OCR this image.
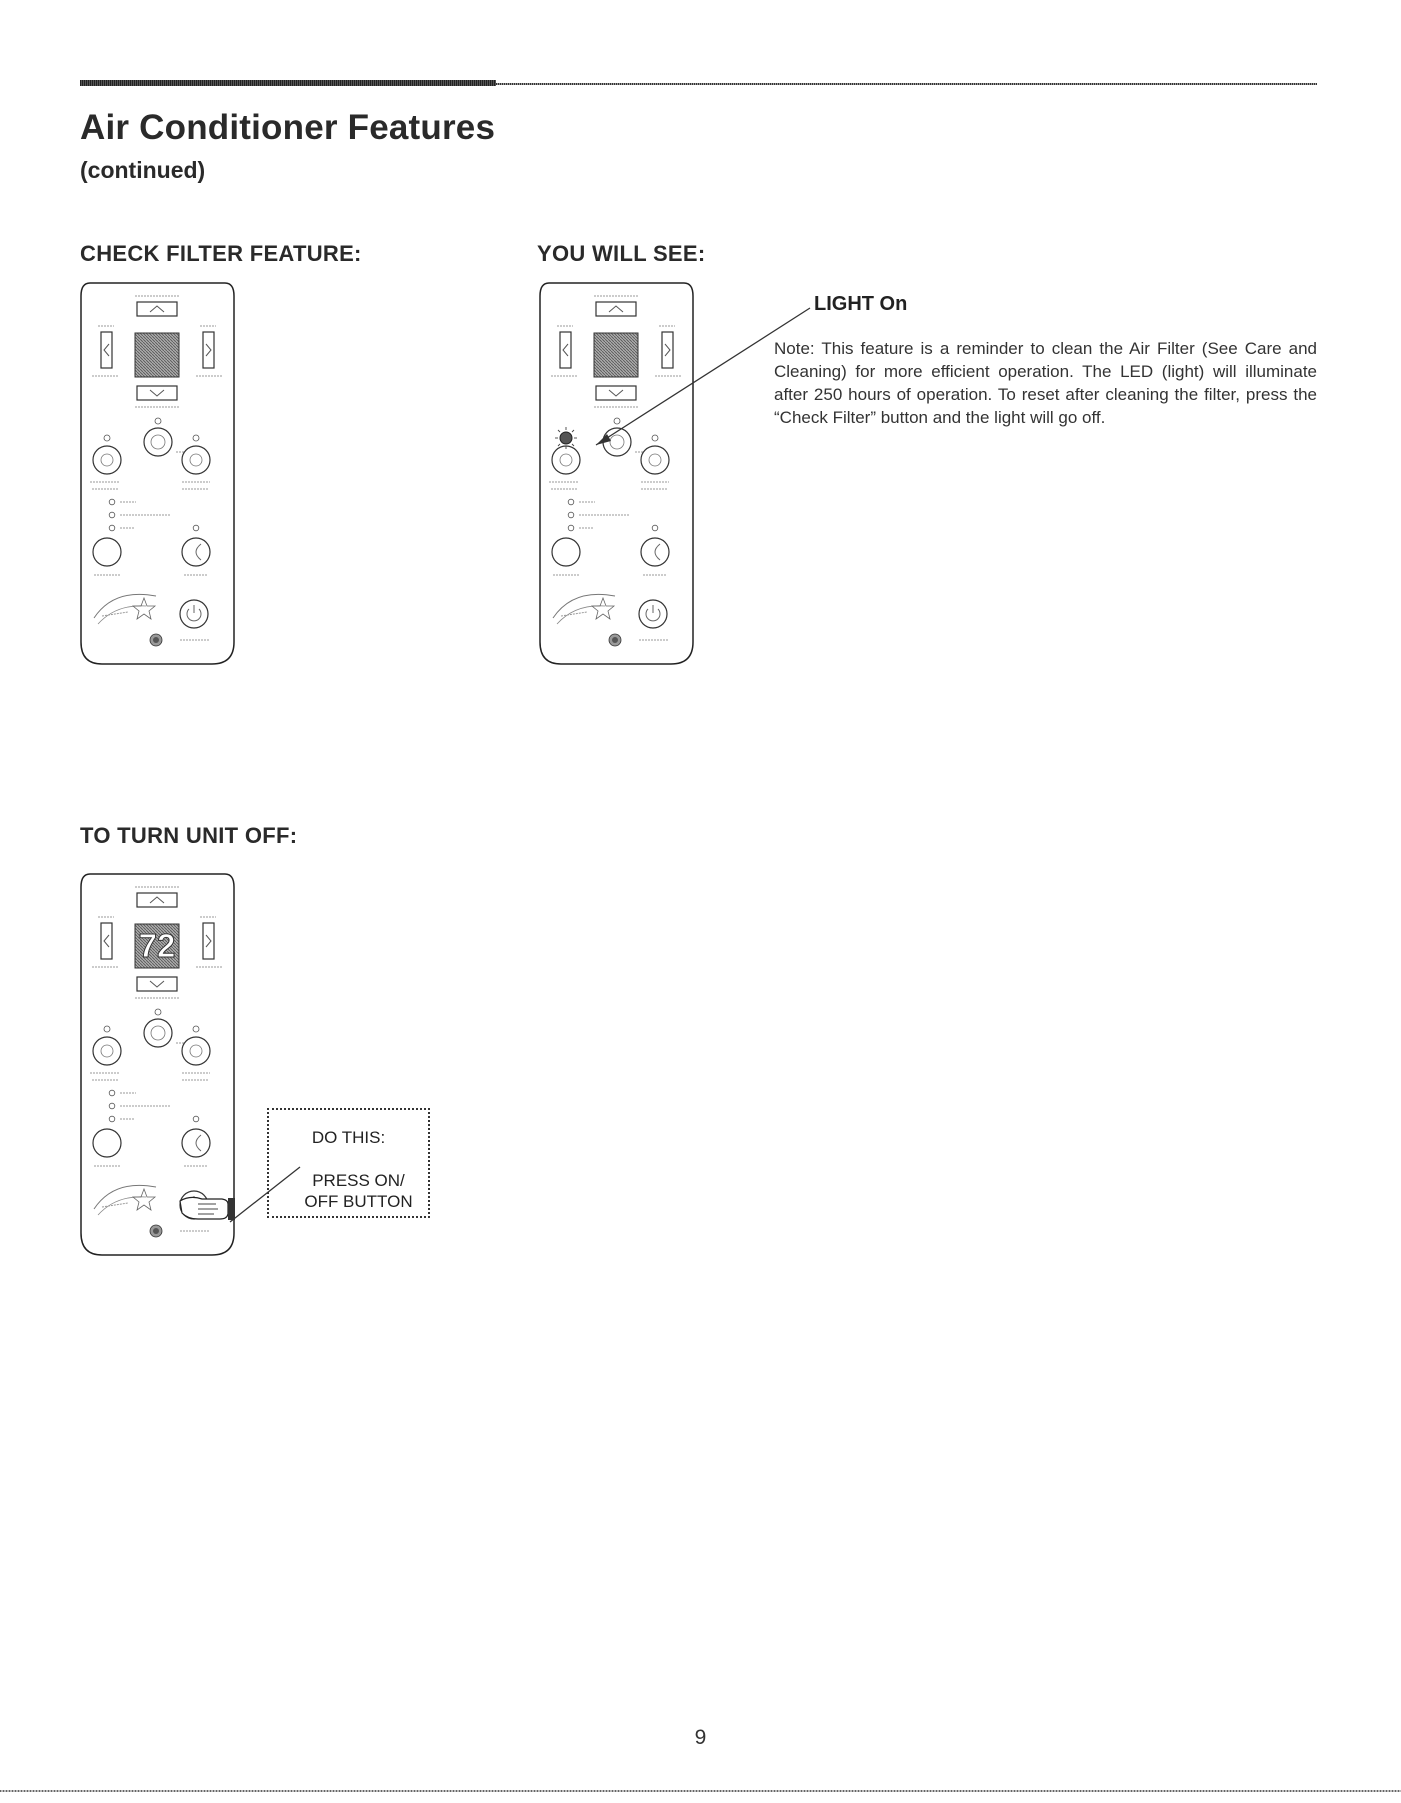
Air Conditioner Features
(continued)
CHECK FILTER FEATURE:	YOU WILL SEE:
TO TURN UNIT OFF:
72

LIGHT On

Note: This feature is a reminder to clean the Air Filter (See Care and Cleaning) for more efficient operation. The LED (light) will illuminate after 250 hours of operation. To reset after cleaning the filter, press the “Check Filter” button and the light will go off.

DO THIS:

PRESS ON/ OFF BUTTON

9
